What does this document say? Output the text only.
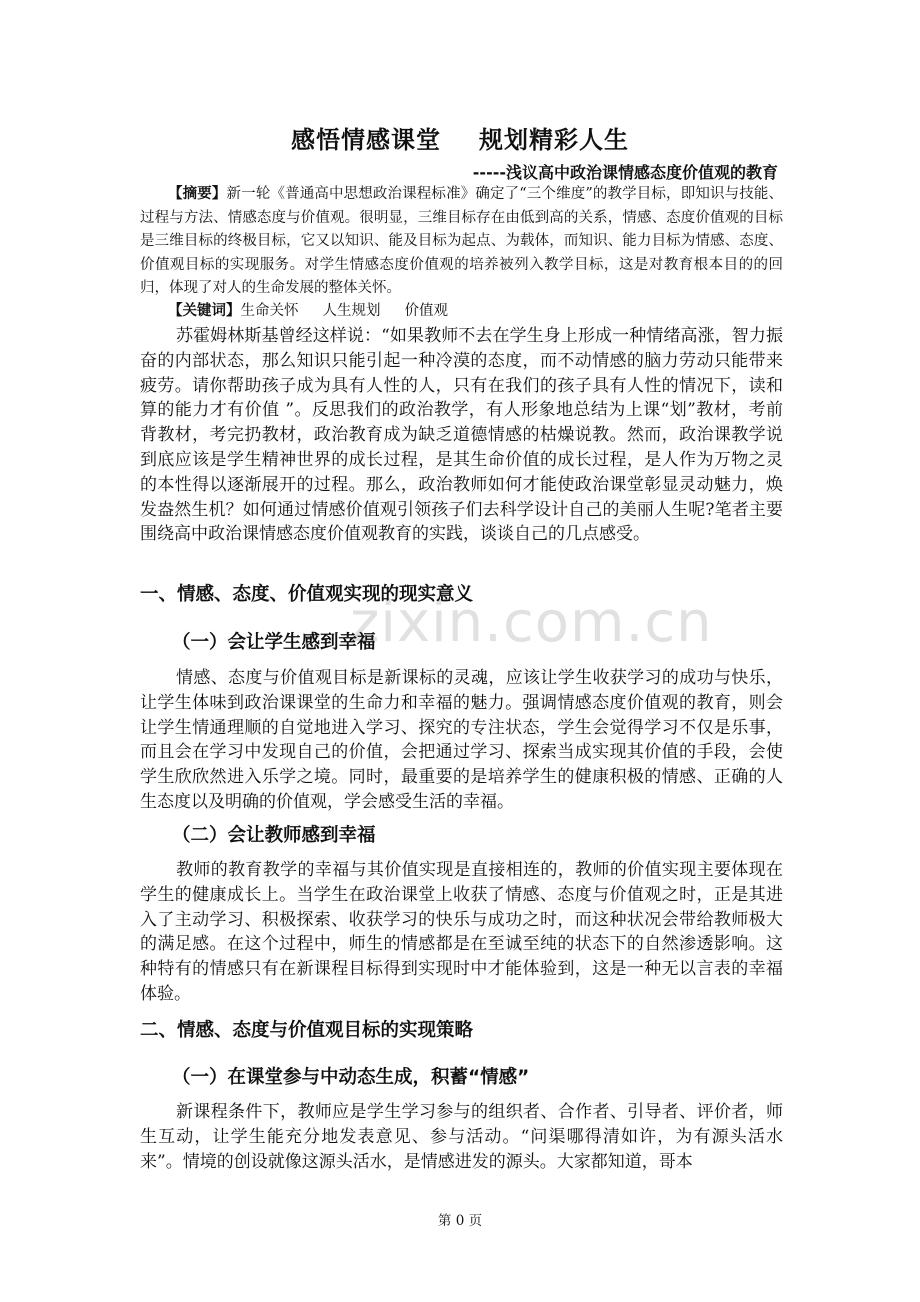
zixin.com.cn
感悟情感课堂 规划精彩人生
-----浅议高中政治课情感态度价值观的教育
【摘要】新一轮《普通高中思想政治课程标准》确定了“三个维度”的教学目标，即知识与技能、过程与方法、情感态度与价值观。很明显，三维目标存在由低到高的关系，情感、态度价值观的目标是三维目标的终极目标，它又以知识、能及目标为起点、为载体，而知识、能力目标为情感、态度、价值观目标的实现服务。对学生情感态度价值观的培养被列入教学目标，这是对教育根本目的的回归，体现了对人的生命发展的整体关怀。
【关键词】生命关怀 人生规划 价值观
苏霍姆林斯基曾经这样说：“如果教师不去在学生身上形成一种情绪高涨，智力振奋的内部状态，那么知识只能引起一种冷漠的态度，而不动情感的脑力劳动只能带来疲劳。请你帮助孩子成为具有人性的人，只有在我们的孩子具有人性的情况下，读和算的能力才有价值 ”。反思我们的政治教学，有人形象地总结为上课“划”教材，考前背教材，考完扔教材，政治教育成为缺乏道德情感的枯燥说教。然而，政治课教学说到底应该是学生精神世界的成长过程，是其生命价值的成长过程，是人作为万物之灵的本性得以逐渐展开的过程。那么，政治教师如何才能使政治课堂彰显灵动魅力，焕发盎然生机？如何通过情感价值观引领孩子们去科学设计自己的美丽人生呢?笔者主要围绕高中政治课情感态度价值观教育的实践，谈谈自己的几点感受。
一、情感、态度、价值观实现的现实意义
（一）会让学生感到幸福
情感、态度与价值观目标是新课标的灵魂，应该让学生收获学习的成功与快乐，让学生体味到政治课课堂的生命力和幸福的魅力。强调情感态度价值观的教育，则会让学生情通理顺的自觉地进入学习、探究的专注状态，学生会觉得学习不仅是乐事，而且会在学习中发现自己的价值，会把通过学习、探索当成实现其价值的手段，会使学生欣欣然进入乐学之境。同时，最重要的是培养学生的健康积极的情感、正确的人生态度以及明确的价值观，学会感受生活的幸福。
（二）会让教师感到幸福
教师的教育教学的幸福与其价值实现是直接相连的，教师的价值实现主要体现在学生的健康成长上。当学生在政治课堂上收获了情感、态度与价值观之时，正是其进入了主动学习、积极探索、收获学习的快乐与成功之时，而这种状况会带给教师极大的满足感。在这个过程中，师生的情感都是在至诚至纯的状态下的自然渗透影响。这种特有的情感只有在新课程目标得到实现时中才能体验到，这是一种无以言表的幸福体验。
二、情感、态度与价值观目标的实现策略
（一）在课堂参与中动态生成，积蓄“情感”
新课程条件下，教师应是学生学习参与的组织者、合作者、引导者、评价者，师生互动，让学生能充分地发表意见、参与活动。“问渠哪得清如许，为有源头活水来”。情境的创设就像这源头活水，是情感进发的源头。大家都知道，哥本
第 0 页
